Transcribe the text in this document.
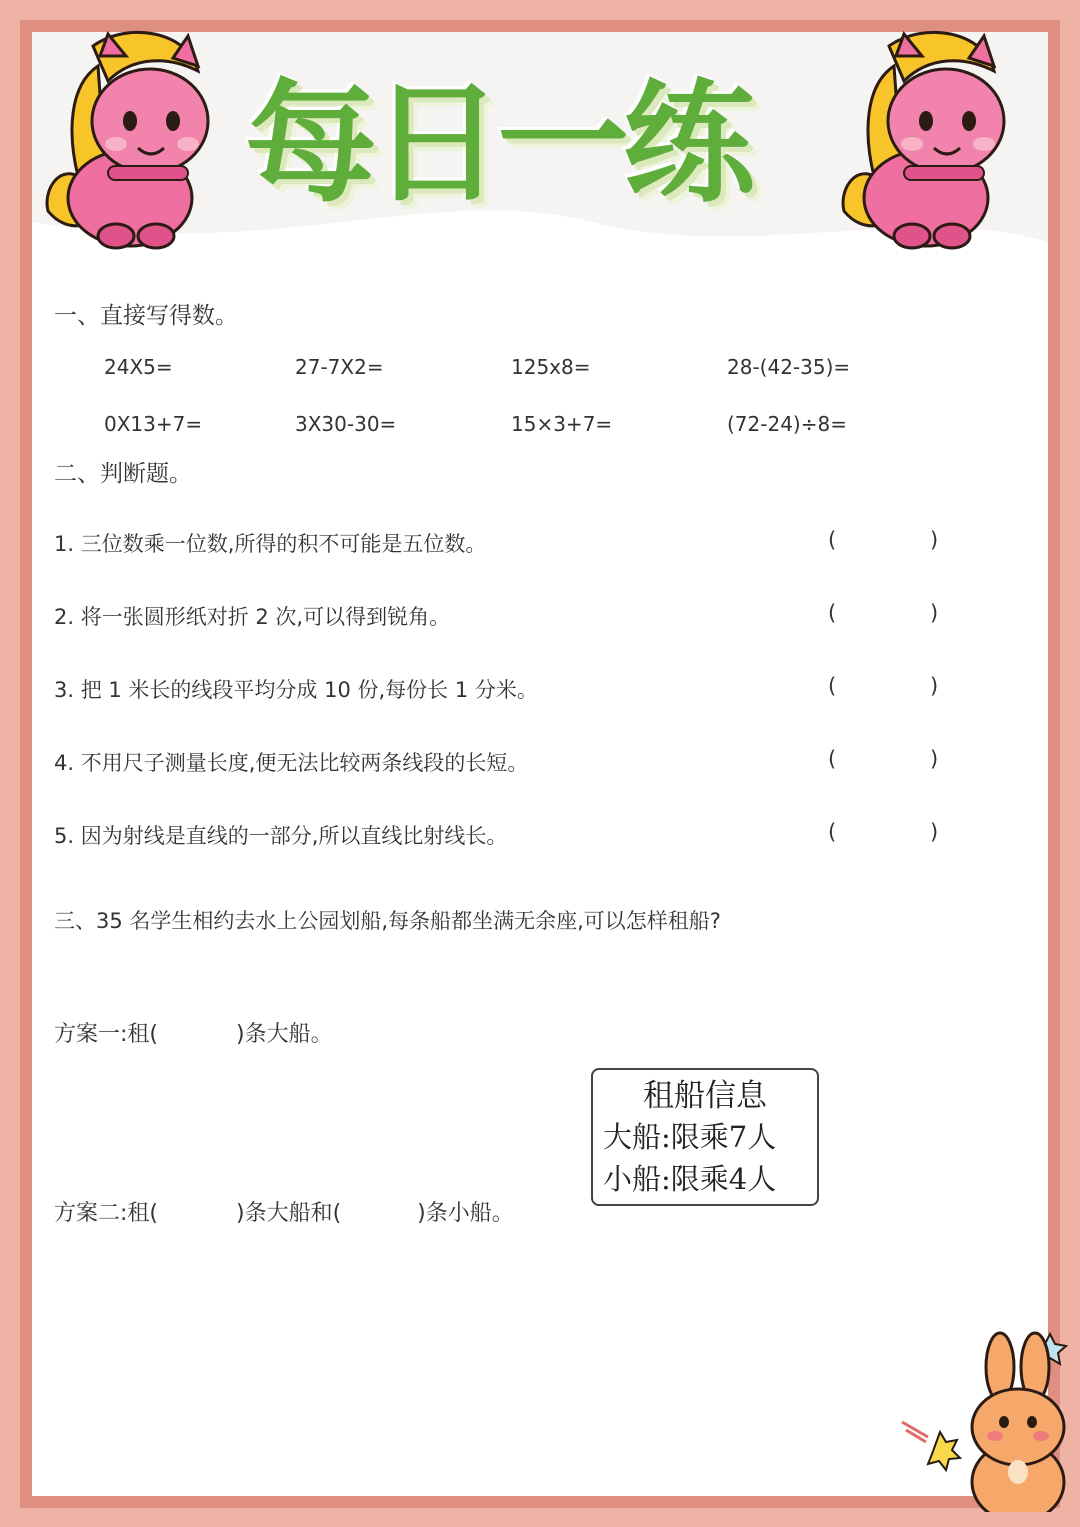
每日一练
一、直接写得数。
24X5=	27-7X2=	125x8=	28-(42-35)=
0X13+7=	3X30-30=	15×3+7=	(72-24)÷8=
二、判断题。
1. 三位数乘一位数,所得的积不可能是五位数。	(	)
2. 将一张圆形纸对折 2 次,可以得到锐角。	(	)
3. 把 1 米长的线段平均分成 10 份,每份长 1 分米。	(	)
4. 不用尺子测量长度,便无法比较两条线段的长短。	(	)
5. 因为射线是直线的一部分,所以直线比射线长。	(	)
三、35 名学生相约去水上公园划船,每条船都坐满无余座,可以怎样租船?
方案一:租(	)条大船。
方案二:租(	)条大船和(	)条小船。
租船信息
大船:限乘7人
小船:限乘4人
